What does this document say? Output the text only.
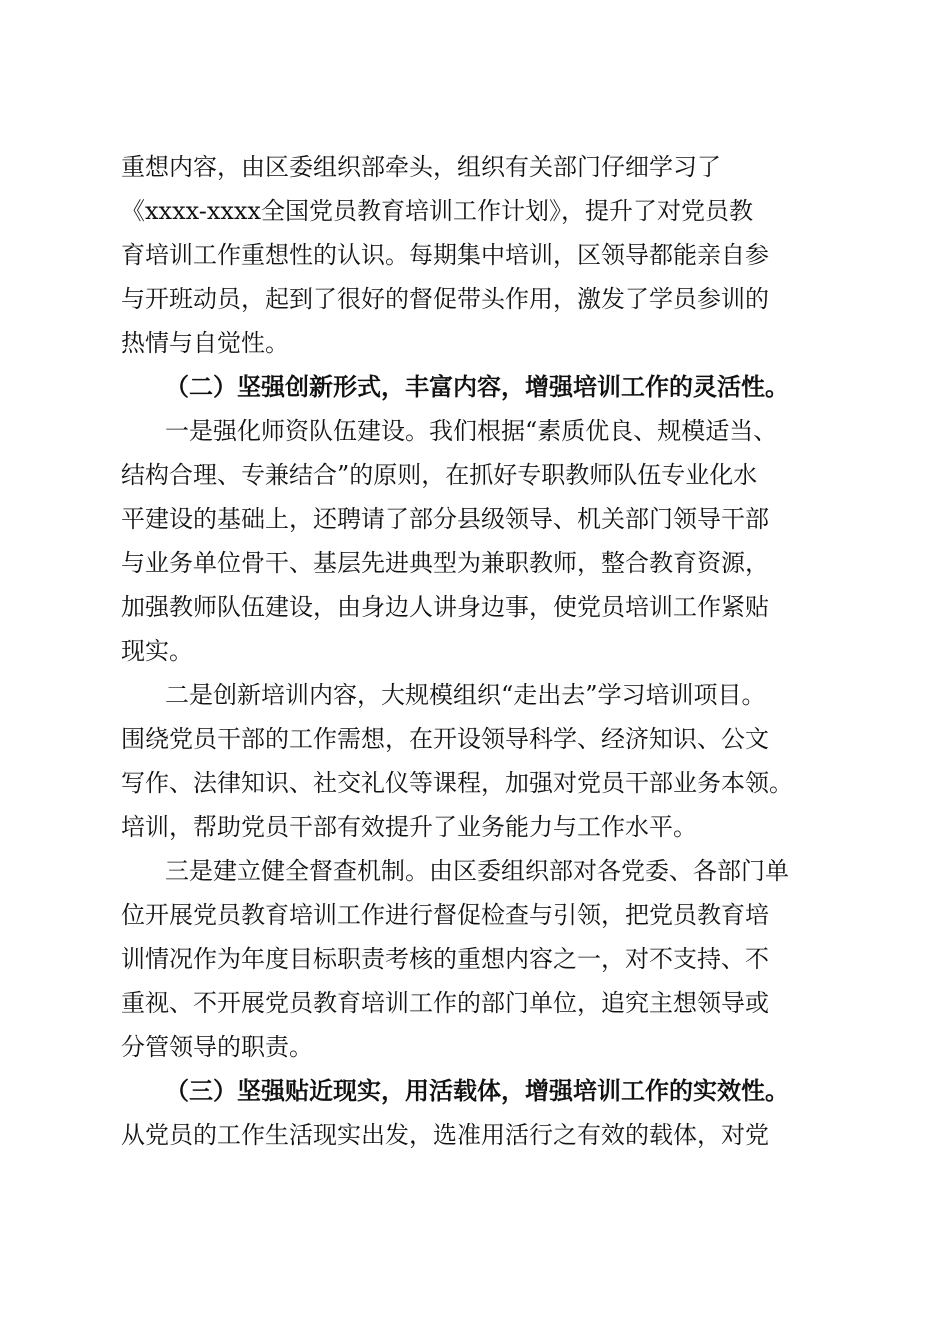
重想内容，由区委组织部牵头，组织有关部门仔细学习了
《xxxx-xxxx全国党员教育培训工作计划》，提升了对党员教
育培训工作重想性的认识。每期集中培训，区领导都能亲自参
与开班动员，起到了很好的督促带头作用，激发了学员参训的
热情与自觉性。
（二）坚强创新形式，丰富内容，增强培训工作的灵活性。
一是强化师资队伍建设。我们根据“素质优良、规模适当、
结构合理、专兼结合”的原则，在抓好专职教师队伍专业化水
平建设的基础上，还聘请了部分县级领导、机关部门领导干部
与业务单位骨干、基层先进典型为兼职教师，整合教育资源，
加强教师队伍建设，由身边人讲身边事，使党员培训工作紧贴
现实。
二是创新培训内容，大规模组织“走出去”学习培训项目。
围绕党员干部的工作需想，在开设领导科学、经济知识、公文
写作、法律知识、社交礼仪等课程，加强对党员干部业务本领。
培训，帮助党员干部有效提升了业务能力与工作水平。
三是建立健全督查机制。由区委组织部对各党委、各部门单
位开展党员教育培训工作进行督促检查与引领，把党员教育培
训情况作为年度目标职责考核的重想内容之一，对不支持、不
重视、不开展党员教育培训工作的部门单位，追究主想领导或
分管领导的职责。
（三）坚强贴近现实，用活载体，增强培训工作的实效性。
从党员的工作生活现实出发，选准用活行之有效的载体，对党
